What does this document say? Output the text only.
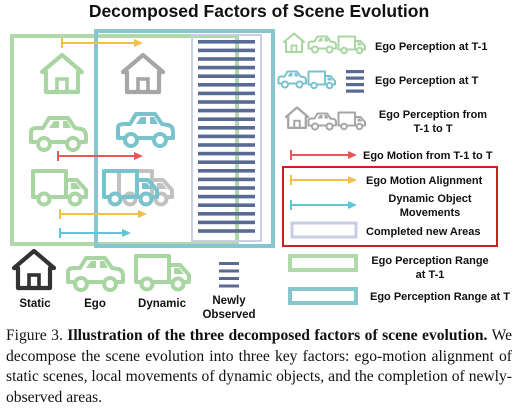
Decomposed Factors of Scene Evolution
Static	Ego	Dynamic Newly
Observed
Ego Perception at T-1
Ego Perception at T
Ego Perception from
T-1 to T
Ego Motion from T-1 to T
Ego Motion Alignment
Dynamic Object
Movements
Completed new Areas
Ego Perception Range
at T-1
Ego Perception Range at T
Figure 3. Illustration of the three decomposed factors of scene evolution. We decompose the scene evolution into three key factors: ego-motion alignment of static scenes, local movements of dynamic objects, and the completion of newly-observed areas.
